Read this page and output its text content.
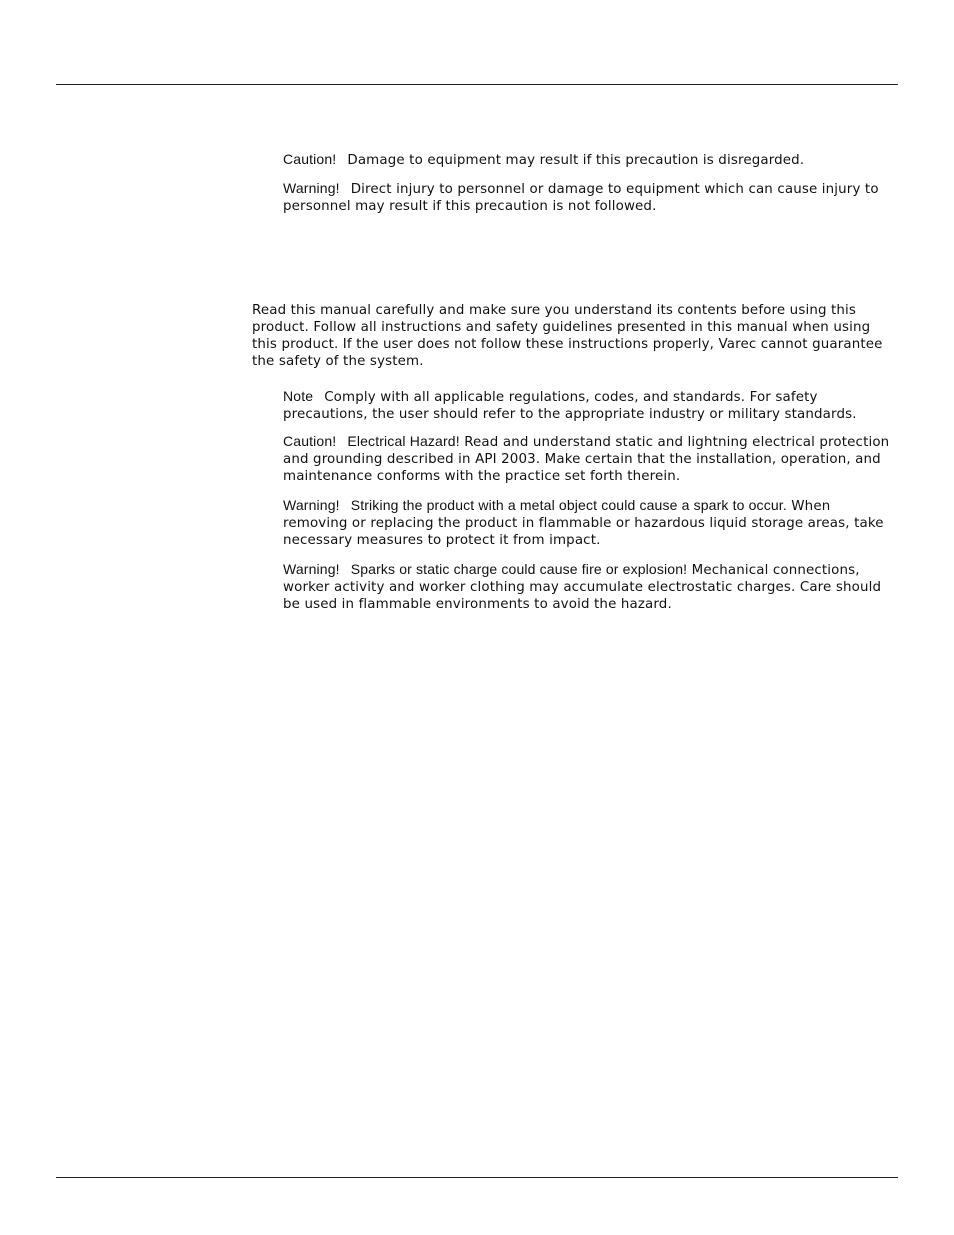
Caution! Damage to equipment may result if this precaution is disregarded.

Warning! Direct injury to personnel or damage to equipment which can cause injury to personnel may result if this precaution is not followed.

Read this manual carefully and make sure you understand its contents before using this product. Follow all instructions and safety guidelines presented in this manual when using this product. If the user does not follow these instructions properly, Varec cannot guarantee the safety of the system.

Note Comply with all applicable regulations, codes, and standards. For safety precautions, the user should refer to the appropriate industry or military standards.

Caution! Electrical Hazard! Read and understand static and lightning electrical protection and grounding described in API 2003. Make certain that the installation, operation, and maintenance conforms with the practice set forth therein.

Warning! Striking the product with a metal object could cause a spark to occur. When removing or replacing the product in flammable or hazardous liquid storage areas, take necessary measures to protect it from impact.

Warning! Sparks or static charge could cause fire or explosion! Mechanical connections, worker activity and worker clothing may accumulate electrostatic charges. Care should be used in flammable environments to avoid the hazard.
